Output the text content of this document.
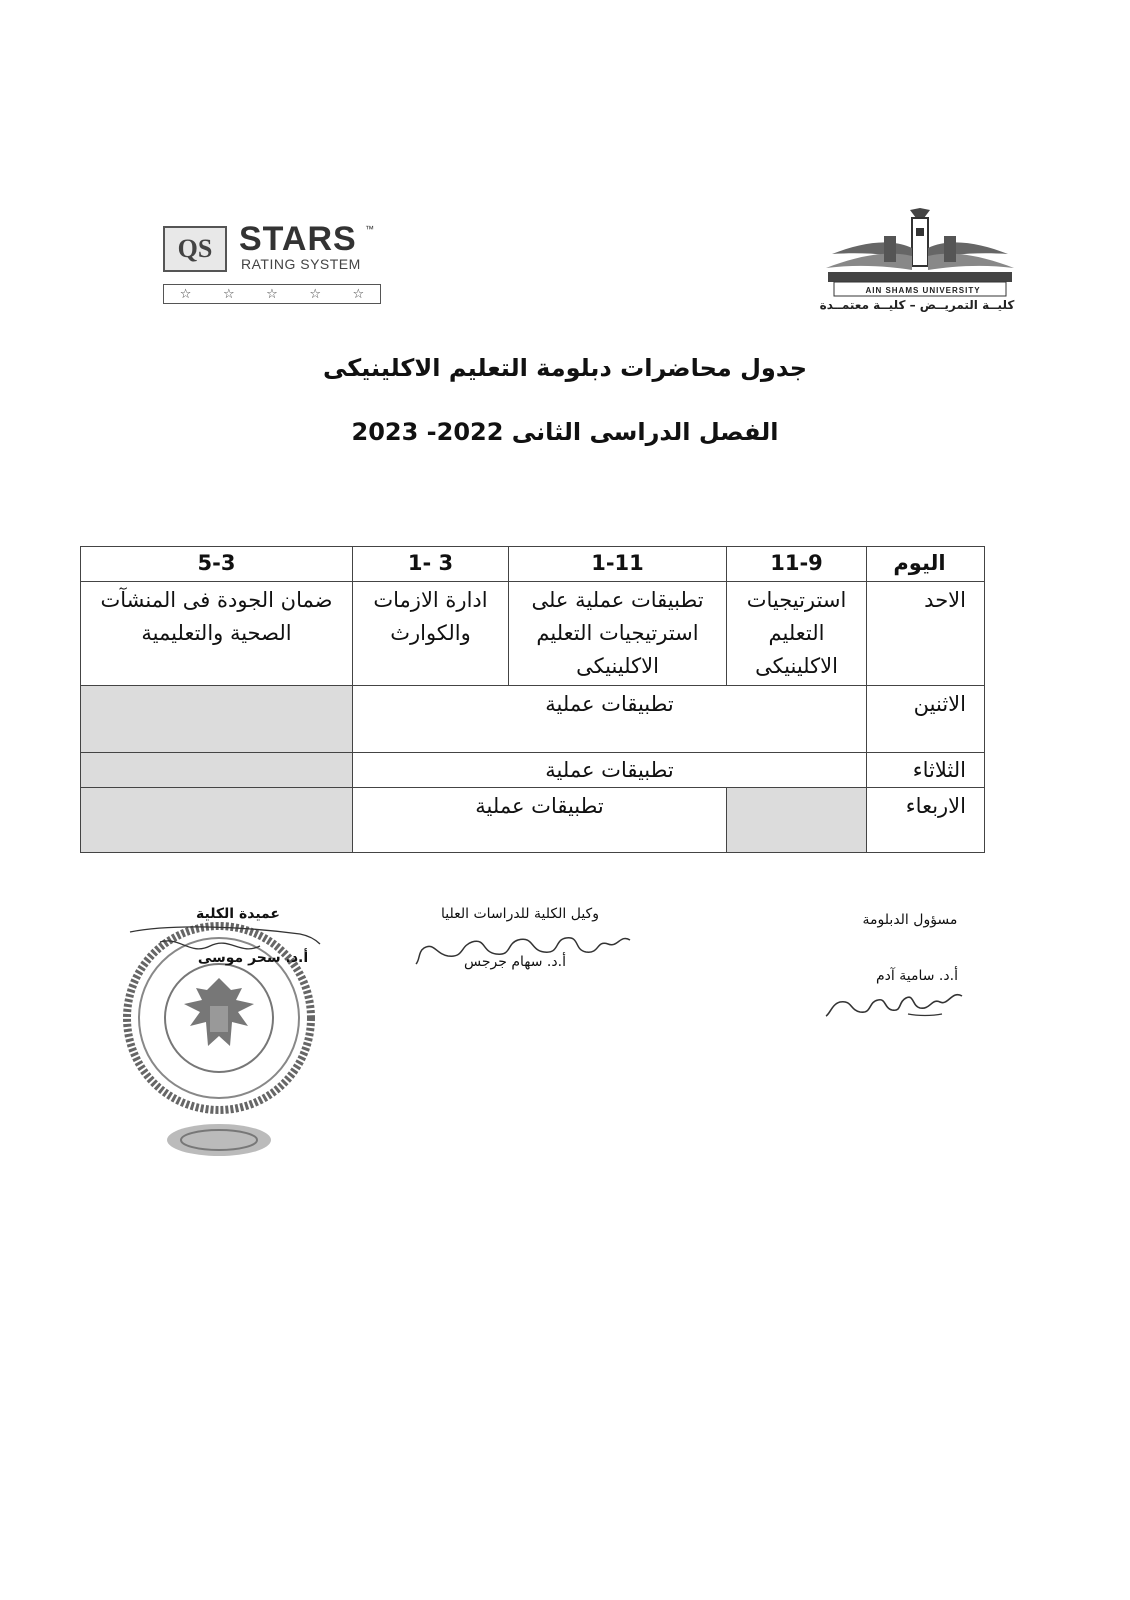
QS STARS ™
RATING SYSTEM
☆ ☆ ☆ ☆ ☆	AIN SHAMS UNIVERSITY
كليــة التمريــض – كليــة معتمــدة
جدول محاضرات دبلومة التعليم الاكلينيكى
الفصل الدراسى الثانى 2022- 2023
اليوم	11-9	1-11	3 -1	5-3
الاحد	استرتيجيات التعليم الاكلينيكى	تطبيقات عملية على استرتيجيات التعليم الاكلينيكى	ادارة الازمات والكوارث	ضمان الجودة فى المنشآت الصحية والتعليمية
الاثنين	تطبيقات عملية			
الثلاثاء	تطبيقات عملية			
الاربعاء		تطبيقات عملية		
مسؤول الدبلومة
أ.د. سامية آدم
وكيل الكلية للدراسات العليا
أ.د. سهام جرجس
عميدة الكلية
أ.د. سحر موسى
